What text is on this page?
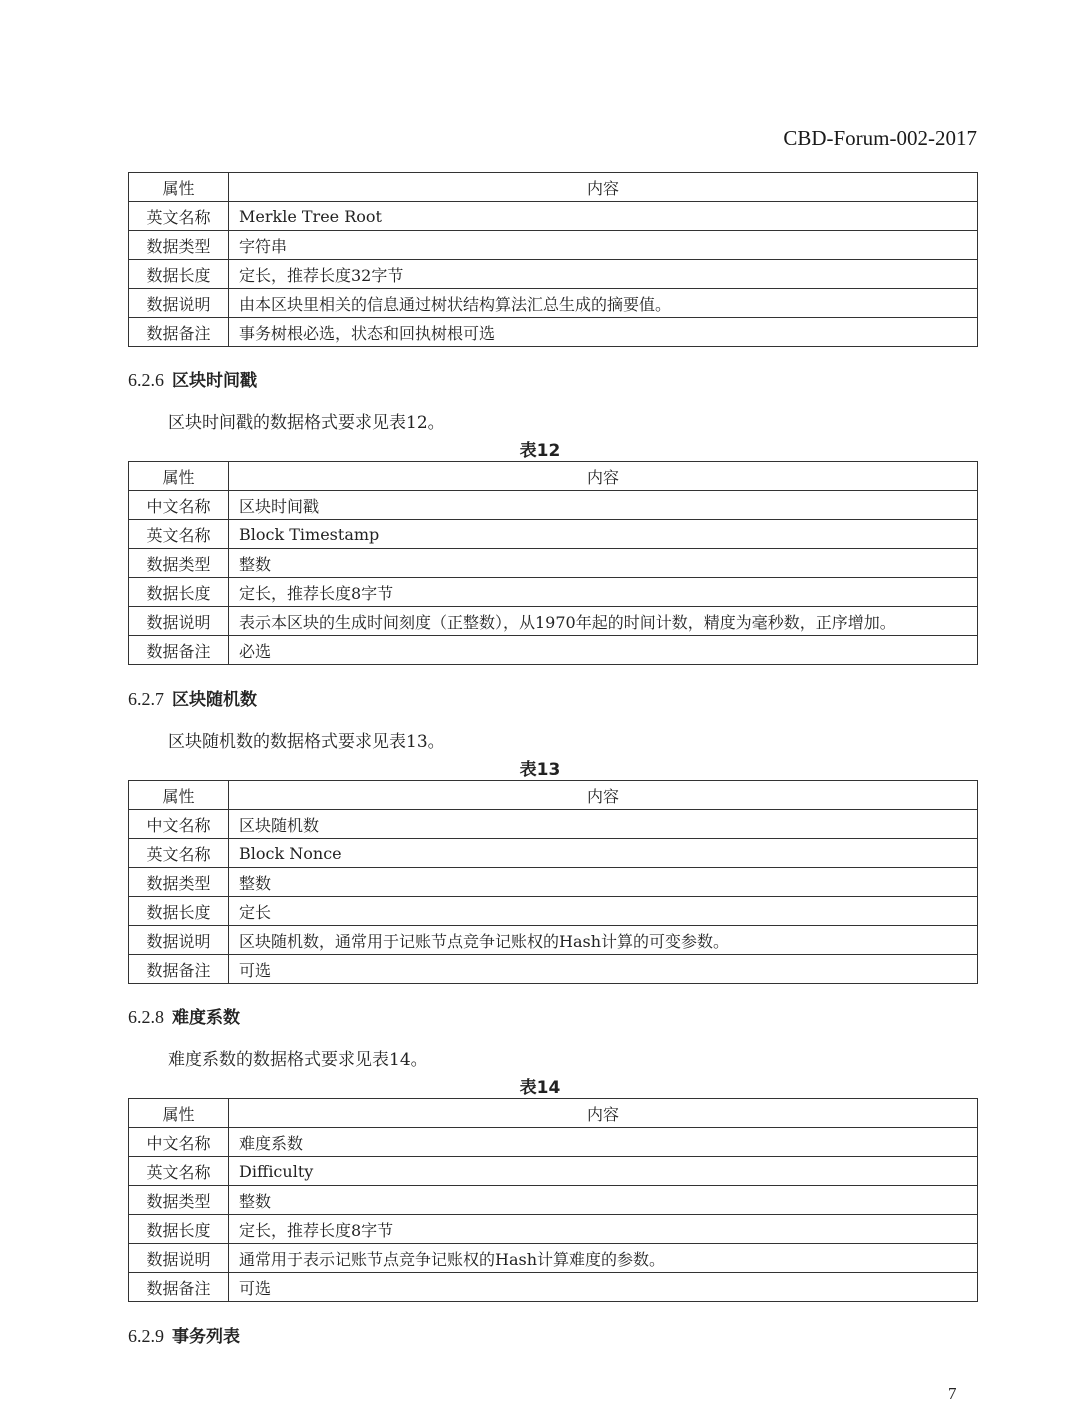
CBD-Forum-002-2017
属性	内容
英文名称	Merkle Tree Root
数据类型	字符串
数据长度	定长，推荐长度32字节
数据说明	由本区块里相关的信息通过树状结构算法汇总生成的摘要值。
数据备注	事务树根必选，状态和回执树根可选
6.2.6 区块时间戳
区块时间戳的数据格式要求见表12。
表12
属性	内容
中文名称	区块时间戳
英文名称	Block Timestamp
数据类型	整数
数据长度	定长，推荐长度8字节
数据说明	表示本区块的生成时间刻度（正整数），从1970年起的时间计数，精度为毫秒数，正序增加。
数据备注	必选
6.2.7 区块随机数
区块随机数的数据格式要求见表13。
表13
属性	内容
中文名称	区块随机数
英文名称	Block Nonce
数据类型	整数
数据长度	定长
数据说明	区块随机数，通常用于记账节点竞争记账权的Hash计算的可变参数。
数据备注	可选
6.2.8 难度系数
难度系数的数据格式要求见表14。
表14
属性	内容
中文名称	难度系数
英文名称	Difficulty
数据类型	整数
数据长度	定长，推荐长度8字节
数据说明	通常用于表示记账节点竞争记账权的Hash计算难度的参数。
数据备注	可选
6.2.9 事务列表
7
